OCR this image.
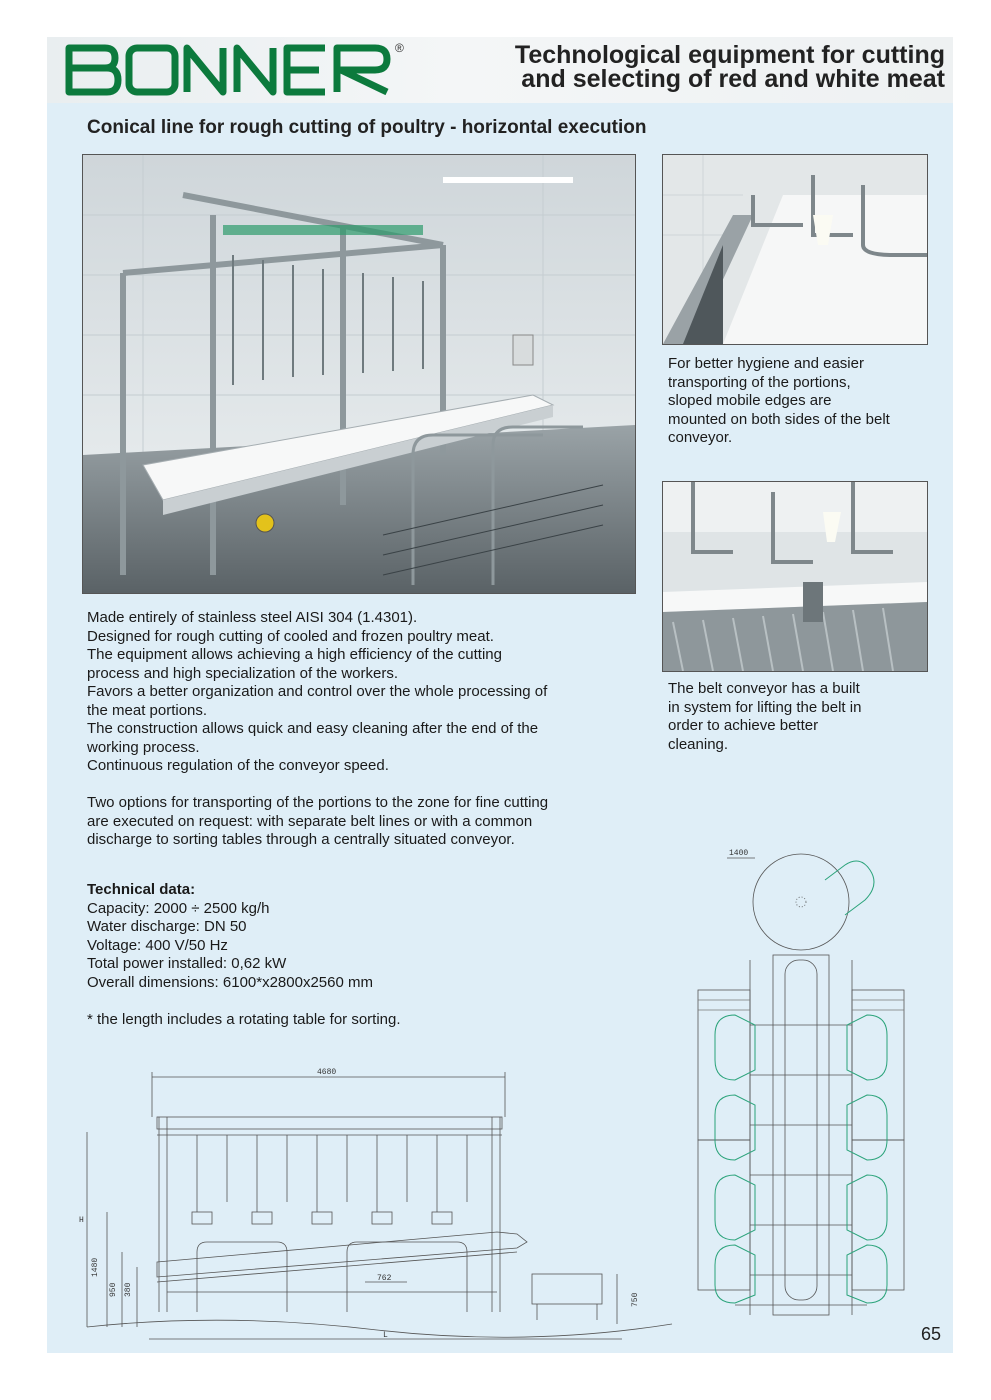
®	Technological equipment for cutting
and selecting of red and white meat
Conical line for rough cutting of poultry - horizontal execution
For better hygiene and easier
transporting of the portions,
sloped mobile edges are
mounted on both sides of the belt
conveyor.
The belt conveyor has a built
in system for lifting the belt in
order to achieve better
cleaning.
Made entirely of stainless steel AISI 304 (1.4301).
Designed for rough cutting of cooled and frozen poultry meat.
The equipment allows achieving a high efficiency of the cutting
process and high specialization of the workers.
Favors a better organization and control over the whole processing of
the meat portions.
The construction allows quick and easy cleaning after the end of the
working process.
Continuous regulation of the conveyor speed.
Two options for transporting of the portions to the zone for fine cutting
are executed on request: with separate belt lines or with a common
discharge to sorting tables through a centrally situated conveyor.
Technical data:
Capacity: 2000 ÷ 2500 kg/h
Water discharge: DN 50
Voltage: 400 V/50 Hz
Total power installed: 0,62 kW
Overall dimensions: 6100*x2800x2560 mm
* the length includes a rotating table for sorting.
4680
H
1480
950 380
762
750
L
1400
65
